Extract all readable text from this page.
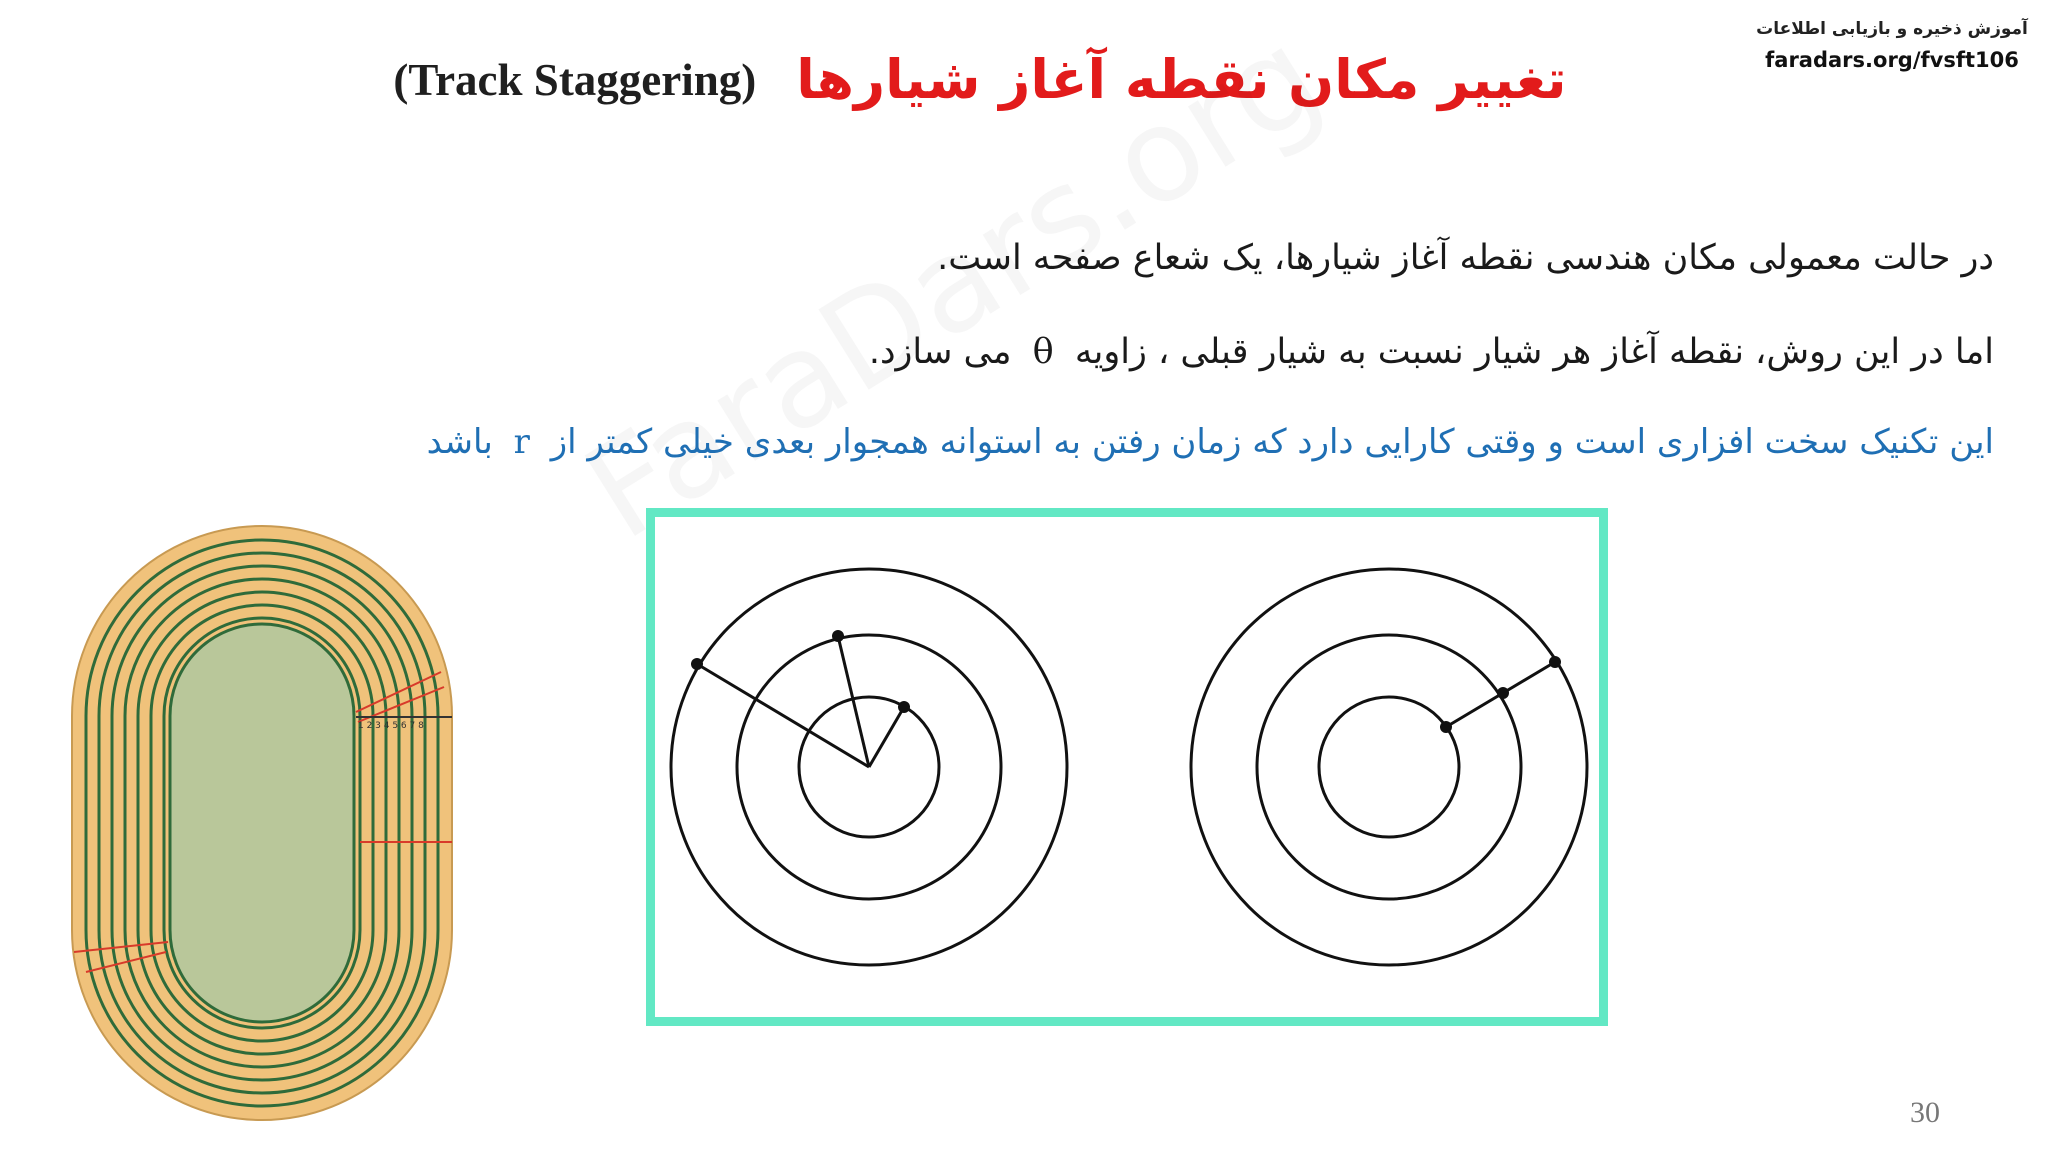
آموزش ذخیره و بازیابی اطلاعات
faradars.org/fvsft106
(Track Staggering) تغییر مکان نقطه آغاز شیارها
در حالت معمولی مکان هندسی نقطه آغاز شیارها، یک شعاع صفحه است.
اما در این روش، نقطه آغاز هر شیار نسبت به شیار قبلی ، زاویه θ می سازد.
این تکنیک سخت افزاری است و وقتی کارایی دارد که زمان رفتن به استوانه همجوار بعدی خیلی کمتر از r باشد
1 2 3 4 5 6 7 8
30
